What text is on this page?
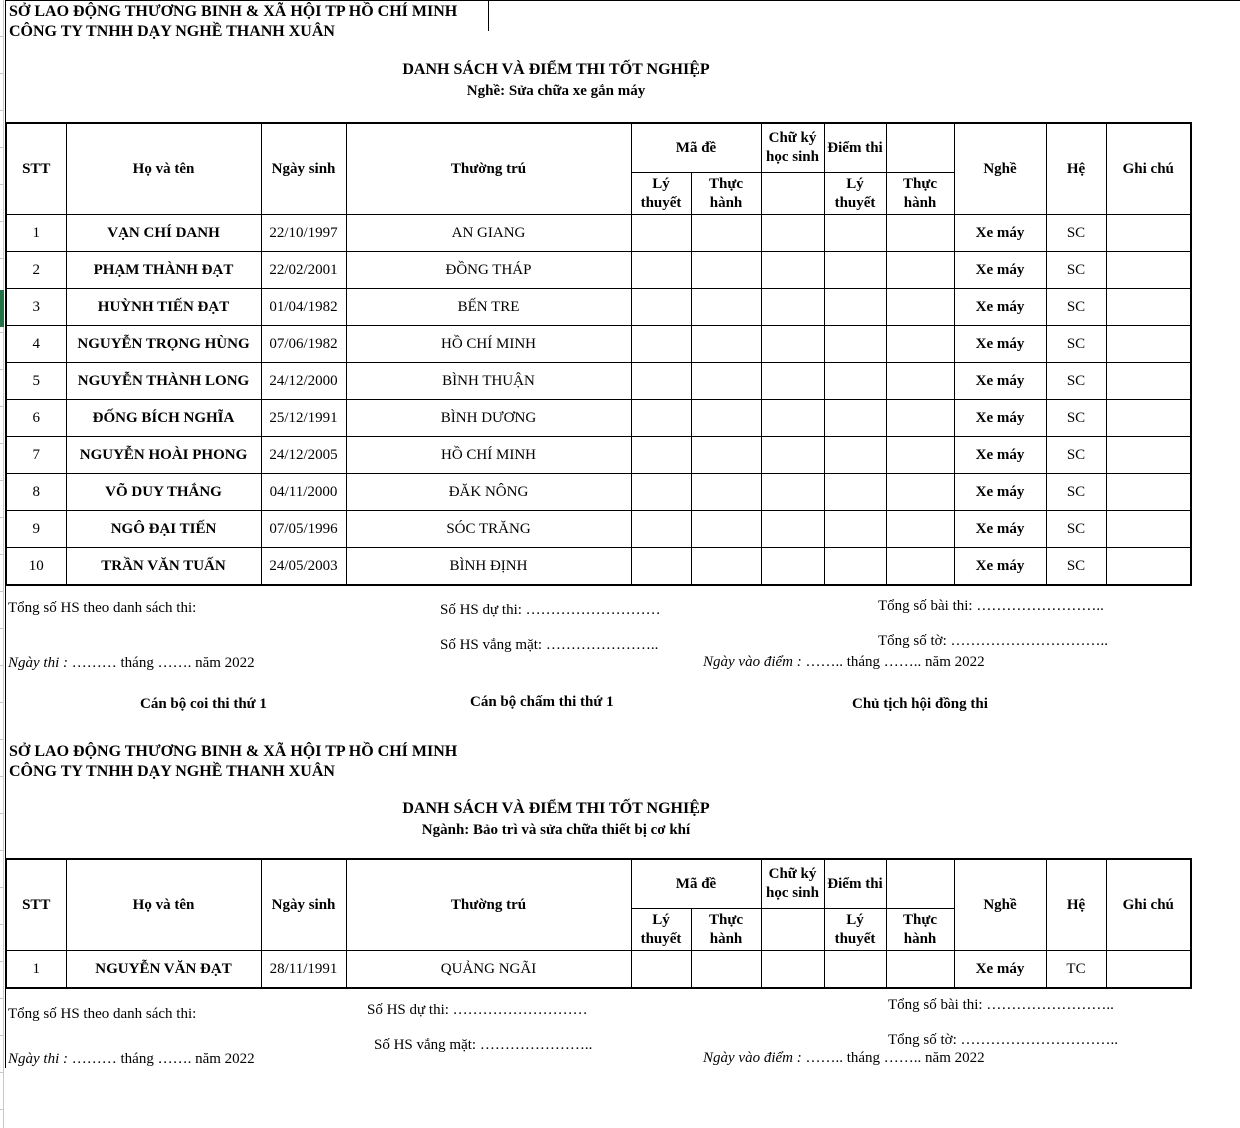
SỞ LAO ĐỘNG THƯƠNG BINH & XÃ HỘI TP HỒ CHÍ MINH
CÔNG TY TNHH DẠY NGHỀ THANH XUÂN
DANH SÁCH VÀ ĐIỂM THI TỐT NGHIỆP
Nghề: Sửa chữa xe gắn máy
STT	Họ và tên	Ngày sinh	Thường trú	Mã đề		Chữ ký học sinh	Điểm thi		Nghề	Hệ	Ghi chú
				Lý thuyết	Thực hành		Lý thuyết	Thực hành			
1	VẠN CHÍ DANH	22/10/1997	AN GIANG						Xe máy	SC	
2	PHẠM THÀNH ĐẠT	22/02/2001	ĐỒNG THÁP						Xe máy	SC	
3	HUỲNH TIẾN ĐẠT	01/04/1982	BẾN TRE						Xe máy	SC	
4	NGUYỄN TRỌNG HÙNG	07/06/1982	HỒ CHÍ MINH						Xe máy	SC	
5	NGUYỄN THÀNH LONG	24/12/2000	BÌNH THUẬN						Xe máy	SC	
6	ĐỐNG BÍCH NGHĨA	25/12/1991	BÌNH DƯƠNG						Xe máy	SC	
7	NGUYỄN HOÀI PHONG	24/12/2005	HỒ CHÍ MINH						Xe máy	SC	
8	VÕ DUY THẮNG	04/11/2000	ĐĂK NÔNG						Xe máy	SC	
9	NGÔ ĐẠI TIẾN	07/05/1996	SÓC TRĂNG						Xe máy	SC	
10	TRẦN VĂN TUẤN	24/05/2003	BÌNH ĐỊNH						Xe máy	SC	
Tổng số HS theo danh sách thi:	Số HS dự thi: ………………………	Tổng số bài thi: ……………………..
Số HS vắng mặt: …………………..	Tổng số tờ: …………………………..
Ngày thi : ……… tháng ……. năm 2022	Ngày vào điểm : …….. tháng …….. năm 2022
Cán bộ coi thi thứ 1	Cán bộ chấm thi thứ 1	Chủ tịch hội đồng thi
SỞ LAO ĐỘNG THƯƠNG BINH & XÃ HỘI TP HỒ CHÍ MINH
CÔNG TY TNHH DẠY NGHỀ THANH XUÂN
DANH SÁCH VÀ ĐIỂM THI TỐT NGHIỆP
Ngành: Bảo trì và sửa chữa thiết bị cơ khí
STT	Họ và tên	Ngày sinh	Thường trú	Mã đề		Chữ ký học sinh	Điểm thi		Nghề	Hệ	Ghi chú
				Lý thuyết	Thực hành		Lý thuyết	Thực hành			
1	NGUYỄN VĂN ĐẠT	28/11/1991	QUẢNG NGÃI						Xe máy	TC	
Tổng số HS theo danh sách thi:	Số HS dự thi: ………………………	Tổng số bài thi: ……………………..
Số HS vắng mặt: …………………..	Tổng số tờ: …………………………..
Ngày thi : ……… tháng ……. năm 2022	Ngày vào điểm : …….. tháng …….. năm 2022
